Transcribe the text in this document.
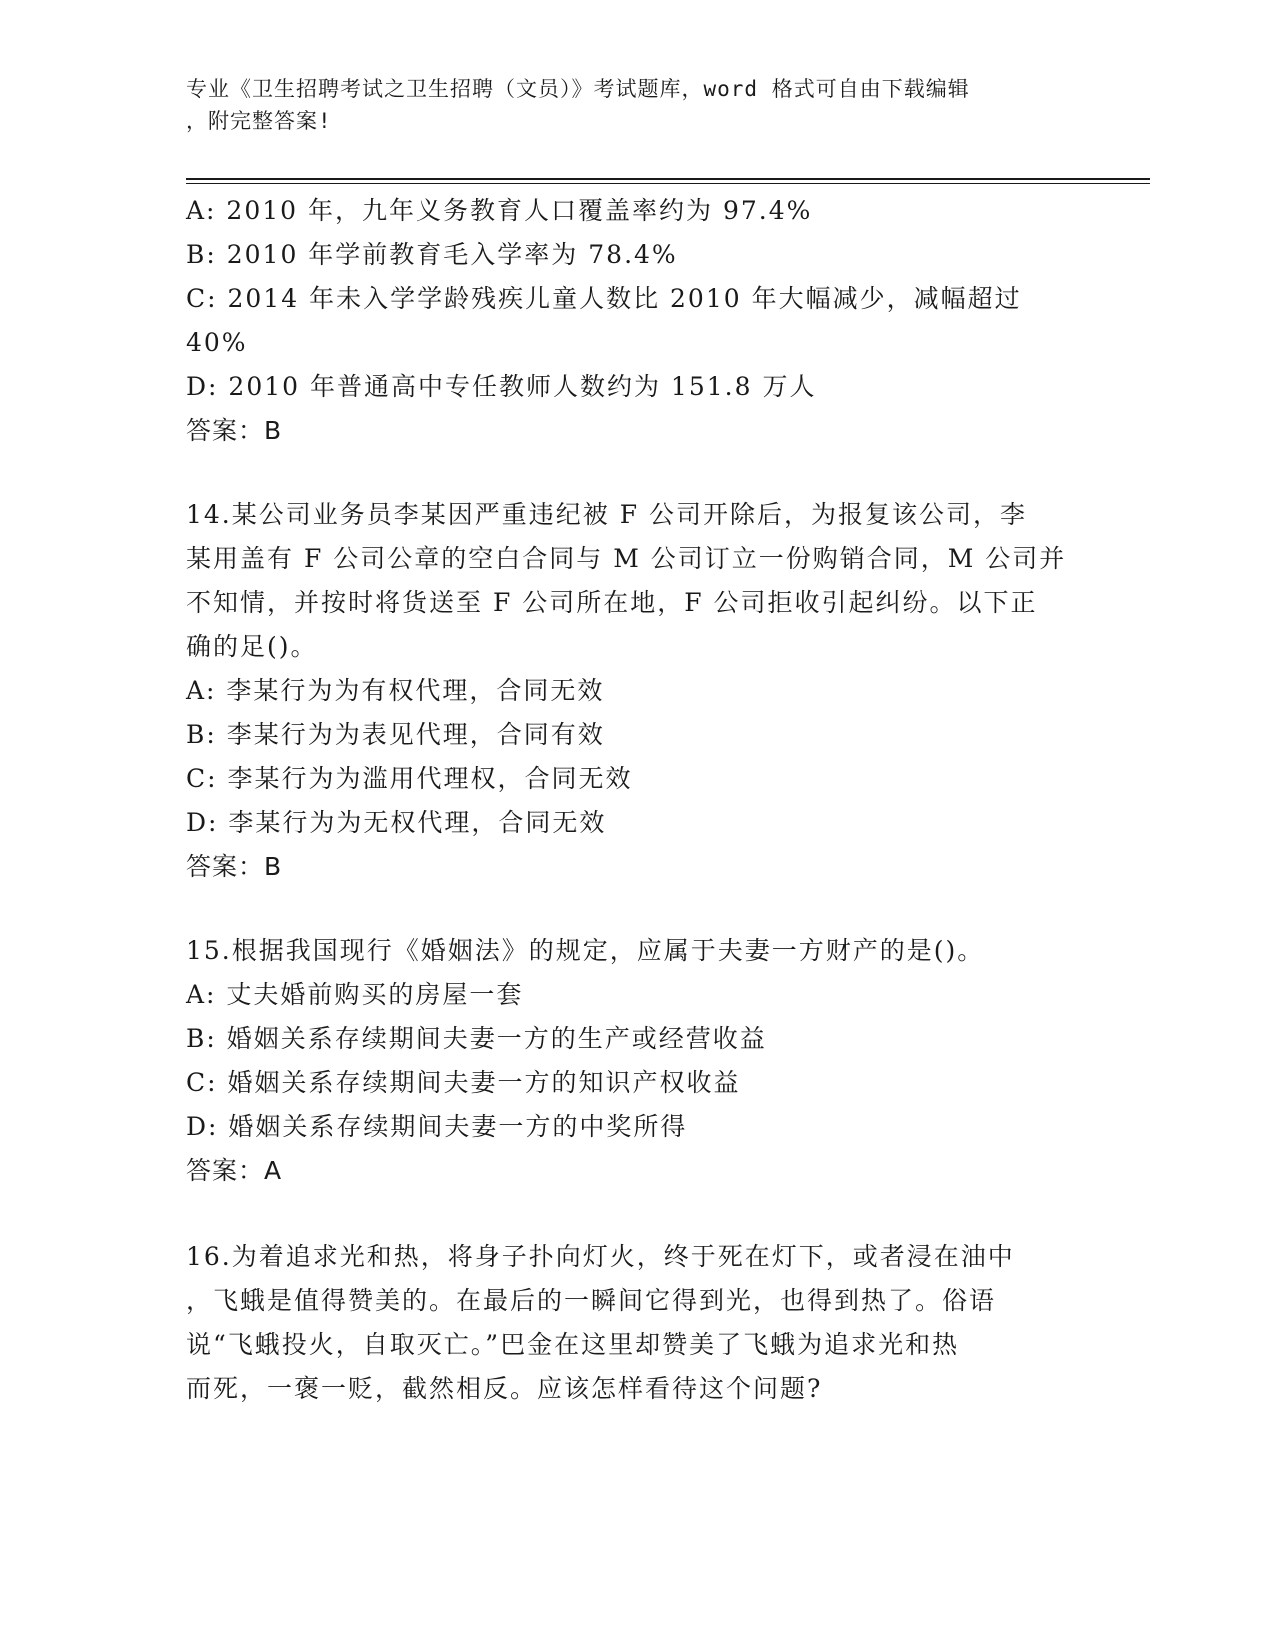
专业《卫生招聘考试之卫生招聘（文员）》考试题库，word 格式可自由下载编辑
，附完整答案!
A: 2010 年，九年义务教育人口覆盖率约为 97.4%
B: 2010 年学前教育毛入学率为 78.4%
C: 2014 年未入学学龄残疾儿童人数比 2010 年大幅减少，减幅超过
40%
D: 2010 年普通高中专任教师人数约为 151.8 万人
答案：B
14.某公司业务员李某因严重违纪被 F 公司开除后，为报复该公司，李
某用盖有 F 公司公章的空白合同与 M 公司订立一份购销合同，M 公司并
不知情，并按时将货送至 F 公司所在地，F 公司拒收引起纠纷。以下正
确的足()。
A: 李某行为为有权代理，合同无效
B: 李某行为为表见代理，合同有效
C: 李某行为为滥用代理权，合同无效
D: 李某行为为无权代理，合同无效
答案：B
15.根据我国现行《婚姻法》的规定，应属于夫妻一方财产的是()。
A: 丈夫婚前购买的房屋一套
B: 婚姻关系存续期间夫妻一方的生产或经营收益
C: 婚姻关系存续期间夫妻一方的知识产权收益
D: 婚姻关系存续期间夫妻一方的中奖所得
答案：A
16.为着追求光和热，将身子扑向灯火，终于死在灯下，或者浸在油中
，飞蛾是值得赞美的。在最后的一瞬间它得到光，也得到热了。俗语
说“飞蛾投火，自取灭亡。”巴金在这里却赞美了飞蛾为追求光和热
而死，一褒一贬，截然相反。应该怎样看待这个问题?
